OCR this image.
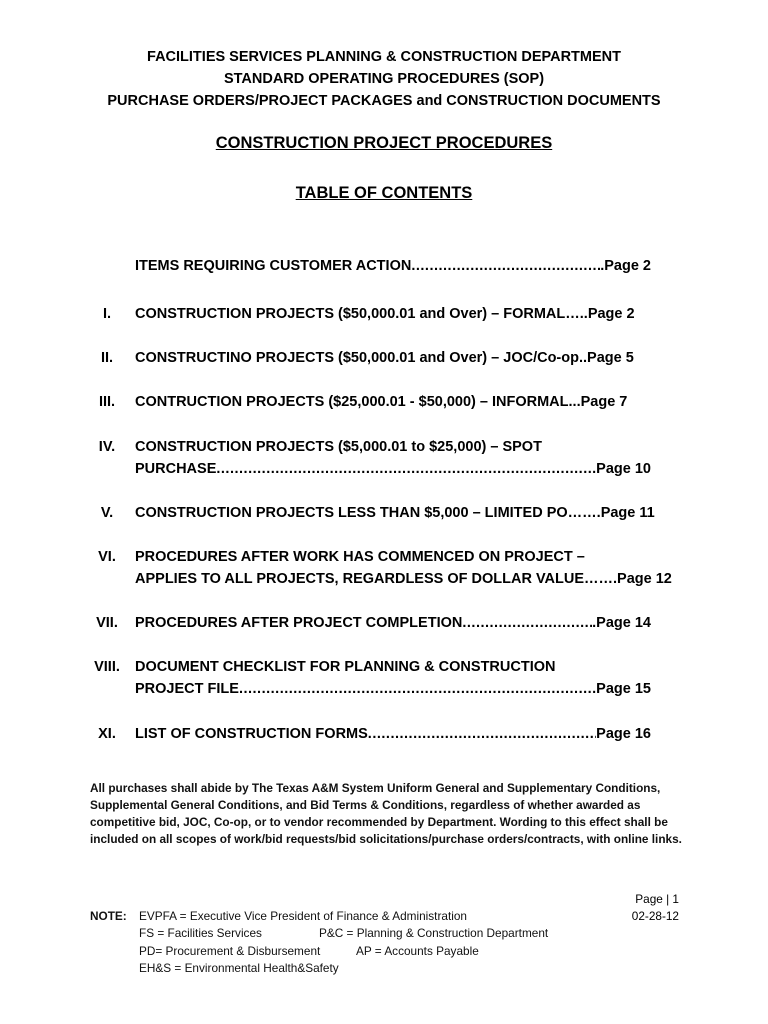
FACILITIES SERVICES PLANNING & CONSTRUCTION DEPARTMENT
STANDARD OPERATING PROCEDURES (SOP)
PURCHASE ORDERS/PROJECT PACKAGES and CONSTRUCTION DOCUMENTS
CONSTRUCTION PROJECT PROCEDURES
TABLE OF CONTENTS
ITEMS REQUIRING CUSTOMER ACTION .....	.Page 2
I.	CONSTRUCTION PROJECTS ($50,000.01 and Over) – FORMAL …..Page 2
II.	CONSTRUCTINO PROJECTS ($50,000.01 and Over) – JOC/Co-op ..Page 5
III.	CONTRUCTION PROJECTS ($25,000.01 - $50,000) – INFORMAL ...Page 7
IV.	CONSTRUCTION PROJECTS ($5,000.01 to $25,000) – SPOT
PURCHASE .....	.Page 10
V.	CONSTRUCTION PROJECTS LESS THAN $5,000 – LIMITED PO …….Page 11
VI.	PROCEDURES AFTER WORK HAS COMMENCED ON PROJECT –
APPLIES TO ALL PROJECTS, REGARDLESS OF DOLLAR VALUE …….Page 12
VII.	PROCEDURES AFTER PROJECT COMPLETION .....	.Page 14
VIII.	DOCUMENT CHECKLIST FOR PLANNING & CONSTRUCTION
PROJECT FILE .....	Page 15
XI.	LIST OF CONSTRUCTION FORMS .....	Page 16
All purchases shall abide by The Texas A&M System Uniform General and Supplementary Conditions, Supplemental General Conditions, and Bid Terms & Conditions, regardless of whether awarded as competitive bid, JOC, Co-op, or to vendor recommended by Department. Wording to this effect shall be included on all scopes of work/bid requests/bid solicitations/purchase orders/contracts, with online links.
Page | 1
02-28-12
NOTE: EVPFA = Executive Vice President of Finance & Administration
FS = Facilities Services	P&C = Planning & Construction Department
PD= Procurement & Disbursement	AP = Accounts Payable
EH&S = Environmental Health&Safety
